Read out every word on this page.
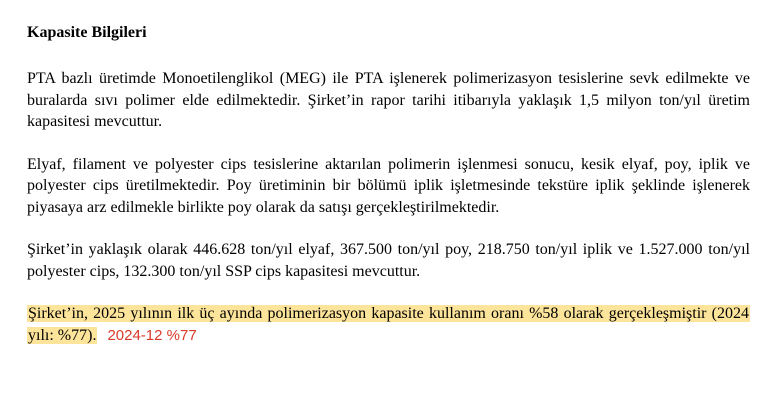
Kapasite Bilgileri

PTA bazlı üretimde Monoetilenglikol (MEG) ile PTA işlenerek polimerizasyon tesislerine sevk edilmekte ve buralarda sıvı polimer elde edilmektedir. Şirket’in rapor tarihi itibarıyla yaklaşık 1,5 milyon ton/yıl üretim kapasitesi mevcuttur.

Elyaf, filament ve polyester cips tesislerine aktarılan polimerin işlenmesi sonucu, kesik elyaf, poy, iplik ve polyester cips üretilmektedir. Poy üretiminin bir bölümü iplik işletmesinde tekstüre iplik şeklinde işlenerek piyasaya arz edilmekle birlikte poy olarak da satışı gerçekleştirilmektedir.

Şirket’in yaklaşık olarak 446.628 ton/yıl elyaf, 367.500 ton/yıl poy, 218.750 ton/yıl iplik ve 1.527.000 ton/yıl polyester cips, 132.300 ton/yıl SSP cips kapasitesi mevcuttur.

Şirket’in, 2025 yılının ilk üç ayında polimerizasyon kapasite kullanım oranı %58 olarak gerçekleşmiştir (2024 yılı: %77). 2024-12 %77
